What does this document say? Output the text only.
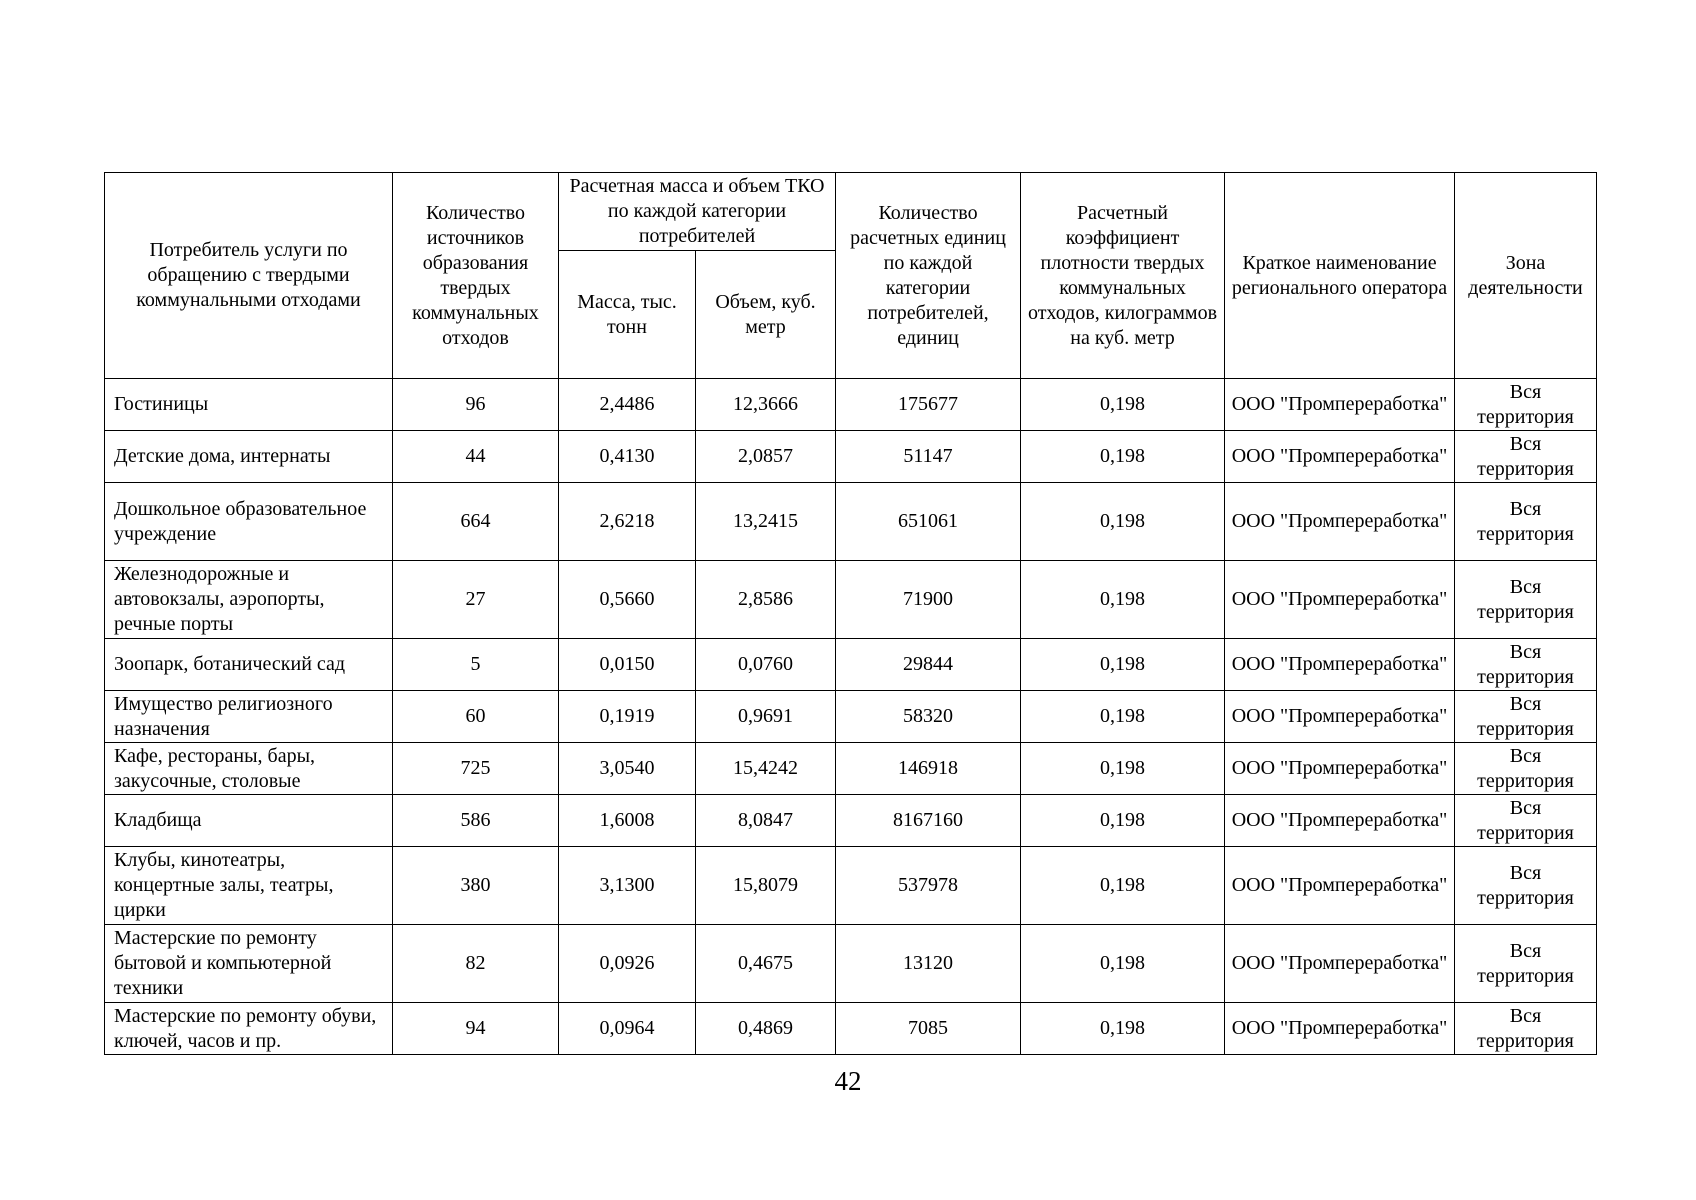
Потребитель услуги по обращению с твердыми коммунальными отходами	Количество источников образования твердых коммунальных отходов	Расчетная масса и объем ТКО по каждой категории потребителей		Количество расчетных единиц по каждой категории потребителей, единиц	Расчетный коэффициент плотности твердых коммунальных отходов, килограммов на куб. метр	Краткое наименование регионального оператора	Зона деятельности
		Масса, тыс. тонн	Объем, куб. метр				
Гостиницы	96	2,4486	12,3666	175677	0,198	ООО "Промпереработка"	Вся территория
Детские дома, интернаты	44	0,4130	2,0857	51147	0,198	ООО "Промпереработка"	Вся территория
Дошкольное образовательное учреждение	664	2,6218	13,2415	651061	0,198	ООО "Промпереработка"	Вся территория
Железнодорожные и автовокзалы, аэропорты, речные порты	27	0,5660	2,8586	71900	0,198	ООО "Промпереработка"	Вся территория
Зоопарк, ботанический сад	5	0,0150	0,0760	29844	0,198	ООО "Промпереработка"	Вся территория
Имущество религиозного назначения	60	0,1919	0,9691	58320	0,198	ООО "Промпереработка"	Вся территория
Кафе, рестораны, бары, закусочные, столовые	725	3,0540	15,4242	146918	0,198	ООО "Промпереработка"	Вся территория
Кладбища	586	1,6008	8,0847	8167160	0,198	ООО "Промпереработка"	Вся территория
Клубы, кинотеатры, концертные залы, театры, цирки	380	3,1300	15,8079	537978	0,198	ООО "Промпереработка"	Вся территория
Мастерские по ремонту бытовой и компьютерной техники	82	0,0926	0,4675	13120	0,198	ООО "Промпереработка"	Вся территория
Мастерские по ремонту обуви, ключей, часов и пр.	94	0,0964	0,4869	7085	0,198	ООО "Промпереработка"	Вся территория
42
